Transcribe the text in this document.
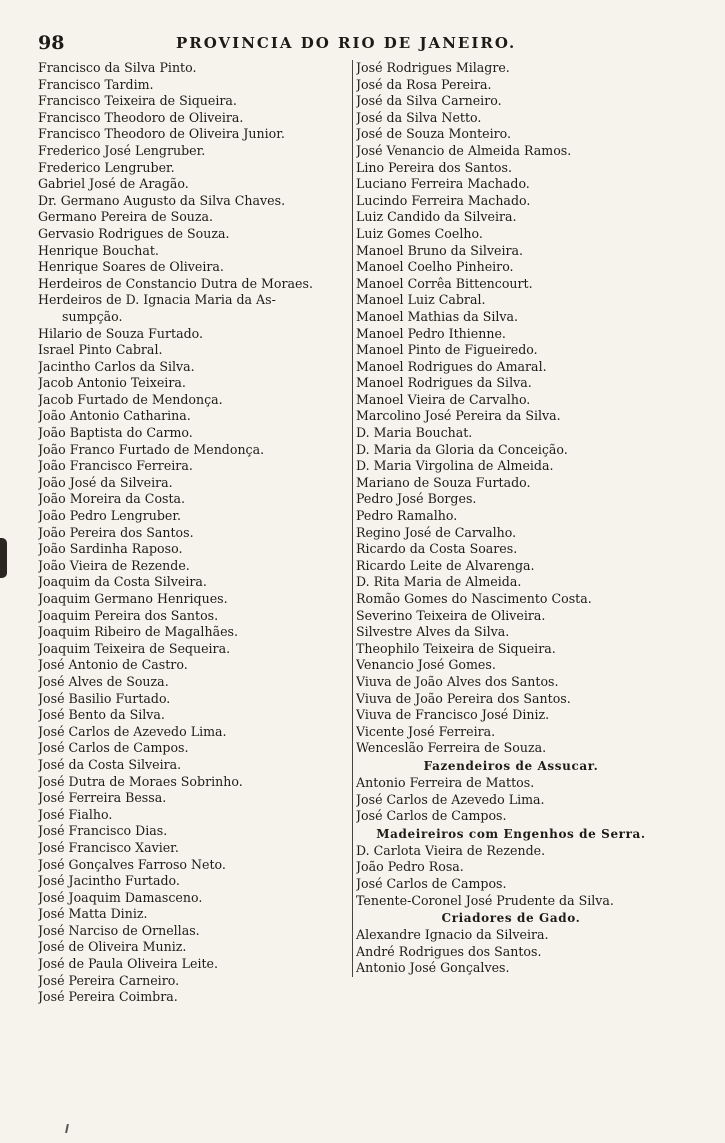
98	PROVINCIA DO RIO DE JANEIRO.
Francisco da Silva Pinto.
Francisco Tardim.
Francisco Teixeira de Siqueira.
Francisco Theodoro de Oliveira.
Francisco Theodoro de Oliveira Junior.
Frederico José Lengruber.
Frederico Lengruber.
Gabriel José de Aragão.
Dr. Germano Augusto da Silva Chaves.
Germano Pereira de Souza.
Gervasio Rodrigues de Souza.
Henrique Bouchat.
Henrique Soares de Oliveira.
Herdeiros de Constancio Dutra de Moraes.
Herdeiros de D. Ignacia Maria da As-
sumpção.
Hilario de Souza Furtado.
Israel Pinto Cabral.
Jacintho Carlos da Silva.
Jacob Antonio Teixeira.
Jacob Furtado de Mendonça.
João Antonio Catharina.
João Baptista do Carmo.
João Franco Furtado de Mendonça.
João Francisco Ferreira.
João José da Silveira.
João Moreira da Costa.
João Pedro Lengruber.
João Pereira dos Santos.
João Sardinha Raposo.
João Vieira de Rezende.
Joaquim da Costa Silveira.
Joaquim Germano Henriques.
Joaquim Pereira dos Santos.
Joaquim Ribeiro de Magalhães.
Joaquim Teixeira de Sequeira.
José Antonio de Castro.
José Alves de Souza.
José Basilio Furtado.
José Bento da Silva.
José Carlos de Azevedo Lima.
José Carlos de Campos.
José da Costa Silveira.
José Dutra de Moraes Sobrinho.
José Ferreira Bessa.
José Fialho.
José Francisco Dias.
José Francisco Xavier.
José Gonçalves Farroso Neto.
José Jacintho Furtado.
José Joaquim Damasceno.
José Matta Diniz.
José Narciso de Ornellas.
José de Oliveira Muniz.
José de Paula Oliveira Leite.
José Pereira Carneiro.
José Pereira Coimbra.
José Rodrigues Milagre.
José da Rosa Pereira.
José da Silva Carneiro.
José da Silva Netto.
José de Souza Monteiro.
José Venancio de Almeida Ramos.
Lino Pereira dos Santos.
Luciano Ferreira Machado.
Lucindo Ferreira Machado.
Luiz Candido da Silveira.
Luiz Gomes Coelho.
Manoel Bruno da Silveira.
Manoel Coelho Pinheiro.
Manoel Corrêa Bittencourt.
Manoel Luiz Cabral.
Manoel Mathias da Silva.
Manoel Pedro Ithienne.
Manoel Pinto de Figueiredo.
Manoel Rodrigues do Amaral.
Manoel Rodrigues da Silva.
Manoel Vieira de Carvalho.
Marcolino José Pereira da Silva.
D. Maria Bouchat.
D. Maria da Gloria da Conceição.
D. Maria Virgolina de Almeida.
Mariano de Souza Furtado.
Pedro José Borges.
Pedro Ramalho.
Regino José de Carvalho.
Ricardo da Costa Soares.
Ricardo Leite de Alvarenga.
D. Rita Maria de Almeida.
Romão Gomes do Nascimento Costa.
Severino Teixeira de Oliveira.
Silvestre Alves da Silva.
Theophilo Teixeira de Siqueira.
Venancio José Gomes.
Viuva de João Alves dos Santos.
Viuva de João Pereira dos Santos.
Viuva de Francisco José Diniz.
Vicente José Ferreira.
Wenceslão Ferreira de Souza.
Fazendeiros de Assucar.
Antonio Ferreira de Mattos.
José Carlos de Azevedo Lima.
José Carlos de Campos.
Madeireiros com Engenhos de Serra.
D. Carlota Vieira de Rezende.
João Pedro Rosa.
José Carlos de Campos.
Tenente-Coronel José Prudente da Silva.
Criadores de Gado.
Alexandre Ignacio da Silveira.
André Rodrigues dos Santos.
Antonio José Gonçalves.
